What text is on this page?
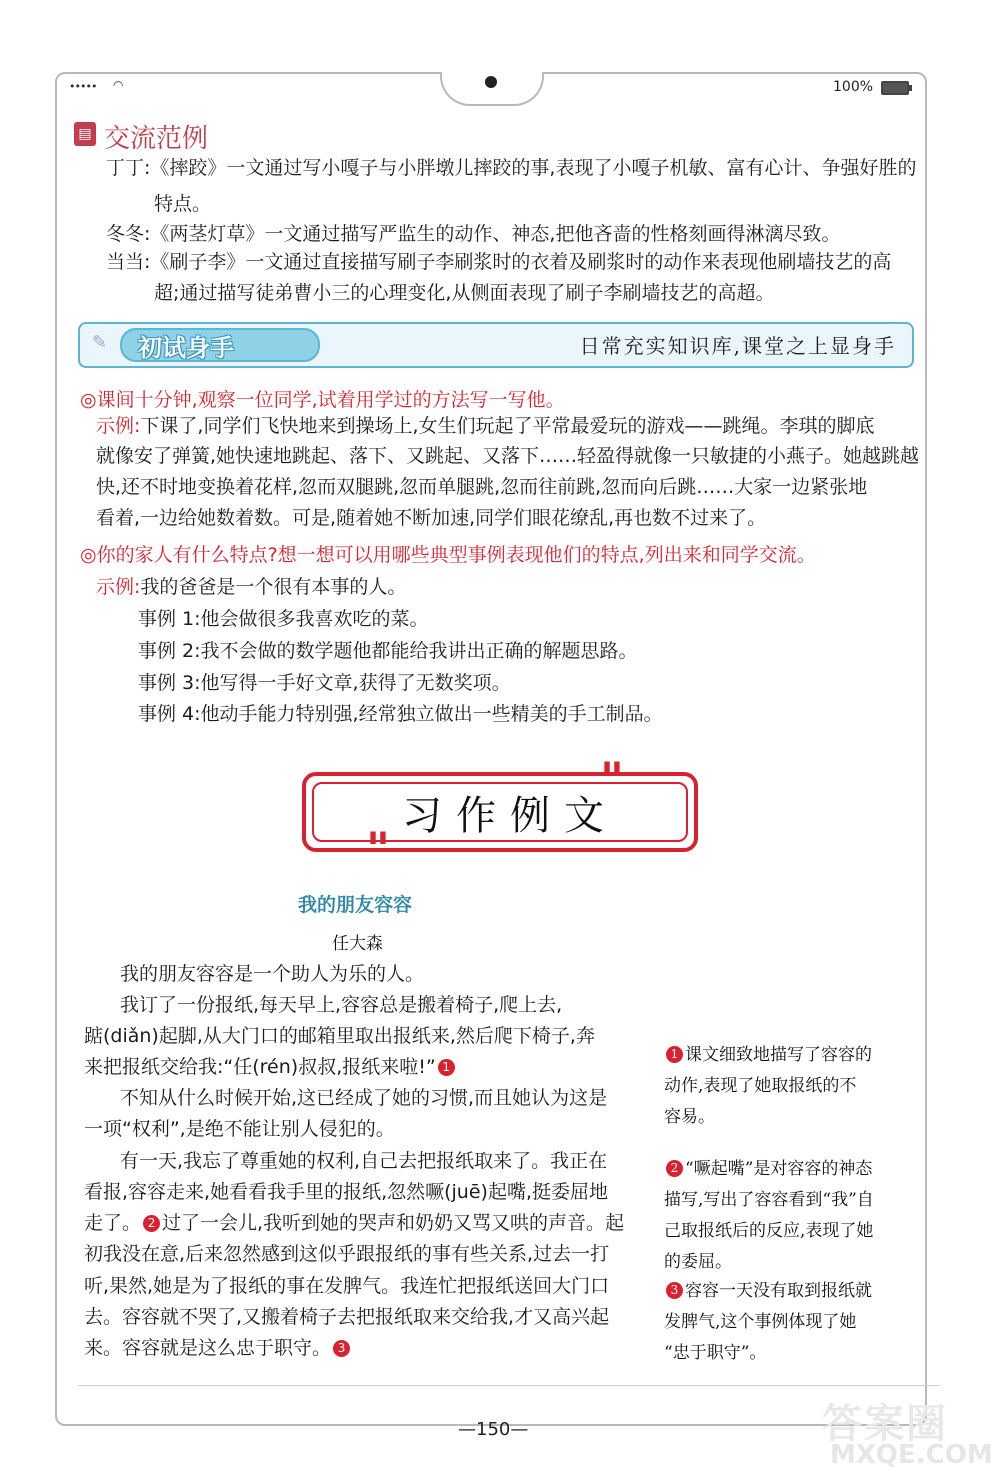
••••• ◠	100%
▤ 交流范例
丁丁:《摔跤》一文通过写小嘎子与小胖墩儿摔跤的事,表现了小嘎子机敏、富有心计、争强好胜的
特点。
冬冬:《两茎灯草》一文通过描写严监生的动作、神态,把他吝啬的性格刻画得淋漓尽致。
当当:《刷子李》一文通过直接描写刷子李刷浆时的衣着及刷浆时的动作来表现他刷墙技艺的高
超;通过描写徒弟曹小三的心理变化,从侧面表现了刷子李刷墙技艺的高超。
✎ 初试身手	日常充实知识库,课堂之上显身手
◎课间十分钟,观察一位同学,试着用学过的方法写一写他。
示例:下课了,同学们飞快地来到操场上,女生们玩起了平常最爱玩的游戏——跳绳。李琪的脚底
就像安了弹簧,她快速地跳起、落下、又跳起、又落下……轻盈得就像一只敏捷的小燕子。她越跳越
快,还不时地变换着花样,忽而双腿跳,忽而单腿跳,忽而往前跳,忽而向后跳……大家一边紧张地
看着,一边给她数着数。可是,随着她不断加速,同学们眼花缭乱,再也数不过来了。
◎你的家人有什么特点?想一想可以用哪些典型事例表现他们的特点,列出来和同学交流。
示例:我的爸爸是一个很有本事的人。
事例 1:他会做很多我喜欢吃的菜。
事例 2:我不会做的数学题他都能给我讲出正确的解题思路。
事例 3:他写得一手好文章,获得了无数奖项。
事例 4:他动手能力特别强,经常独立做出一些精美的手工制品。
"
"
习作例文
我的朋友容容
任大森
我的朋友容容是一个助人为乐的人。
我订了一份报纸,每天早上,容容总是搬着椅子,爬上去,
踮(diǎn)起脚,从大门口的邮箱里取出报纸来,然后爬下椅子,奔
来把报纸交给我:“任(rén)叔叔,报纸来啦!” 1
不知从什么时候开始,这已经成了她的习惯,而且她认为这是
一项“权利”,是绝不能让别人侵犯的。
有一天,我忘了尊重她的权利,自己去把报纸取来了。我正在
看报,容容走来,她看看我手里的报纸,忽然噘(juē)起嘴,挺委屈地
走了。 2 过了一会儿,我听到她的哭声和奶奶又骂又哄的声音。起
初我没在意,后来忽然感到这似乎跟报纸的事有些关系,过去一打
听,果然,她是为了报纸的事在发脾气。我连忙把报纸送回大门口
去。容容就不哭了,又搬着椅子去把报纸取来交给我,才又高兴起
来。容容就是这么忠于职守。 3
1 课文细致地描写了容容的
动作,表现了她取报纸的不
容易。
2 “噘起嘴”是对容容的神态
描写,写出了容容看到“我”自
己取报纸后的反应,表现了她
的委屈。
3 容容一天没有取到报纸就
发脾气,这个事例体现了她
“忠于职守”。
—150—	答案圈
MXQE.COM
